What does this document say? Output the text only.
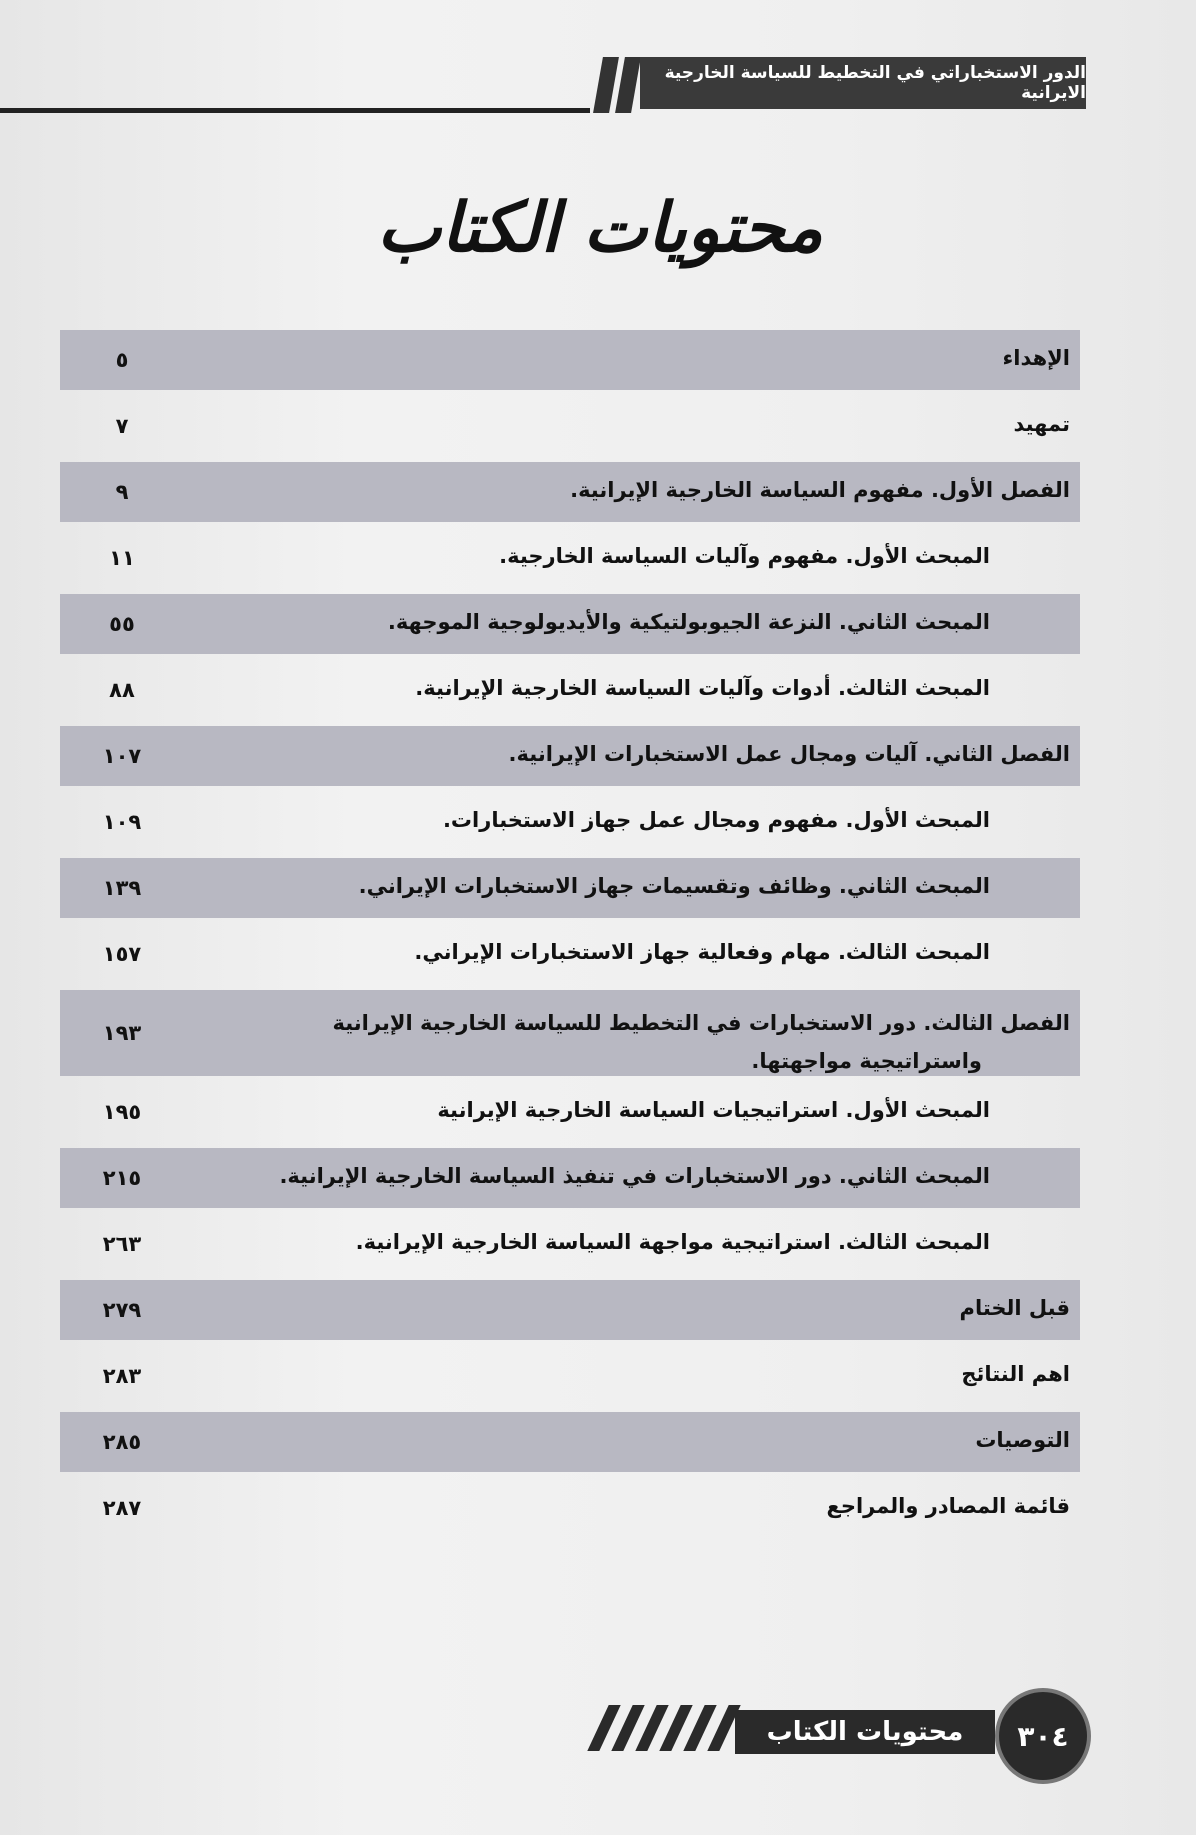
الدور الاستخباراتي في التخطيط للسياسة الخارجية الايرانية
محتويات الكتاب
الإهداء
٥
تمهيد
٧
الفصل الأول. مفهوم السياسة الخارجية الإيرانية.
٩
المبحث الأول. مفهوم وآليات السياسة الخارجية.
١١
المبحث الثاني. النزعة الجيوبولتيكية والأيديولوجية الموجهة.
٥٥
المبحث الثالث. أدوات وآليات السياسة الخارجية الإيرانية.
٨٨
الفصل الثاني. آليات ومجال عمل الاستخبارات الإيرانية.
١٠٧
المبحث الأول. مفهوم ومجال عمل جهاز الاستخبارات.
١٠٩
المبحث الثاني. وظائف وتقسيمات جهاز الاستخبارات الإيراني.
١٣٩
المبحث الثالث. مهام وفعالية جهاز الاستخبارات الإيراني.
١٥٧
الفصل الثالث. دور الاستخبارات في التخطيط للسياسة الخارجية الإيرانية
واستراتيجية مواجهتها.
١٩٣
المبحث الأول. استراتيجيات السياسة الخارجية الإيرانية
١٩٥
المبحث الثاني. دور الاستخبارات في تنفيذ السياسة الخارجية الإيرانية.
٢١٥
المبحث الثالث. استراتيجية مواجهة السياسة الخارجية الإيرانية.
٢٦٣
قبل الختام
٢٧٩
اهم النتائج
٢٨٣
التوصيات
٢٨٥
قائمة المصادر والمراجع
٢٨٧
محتويات الكتاب	٣٠٤
